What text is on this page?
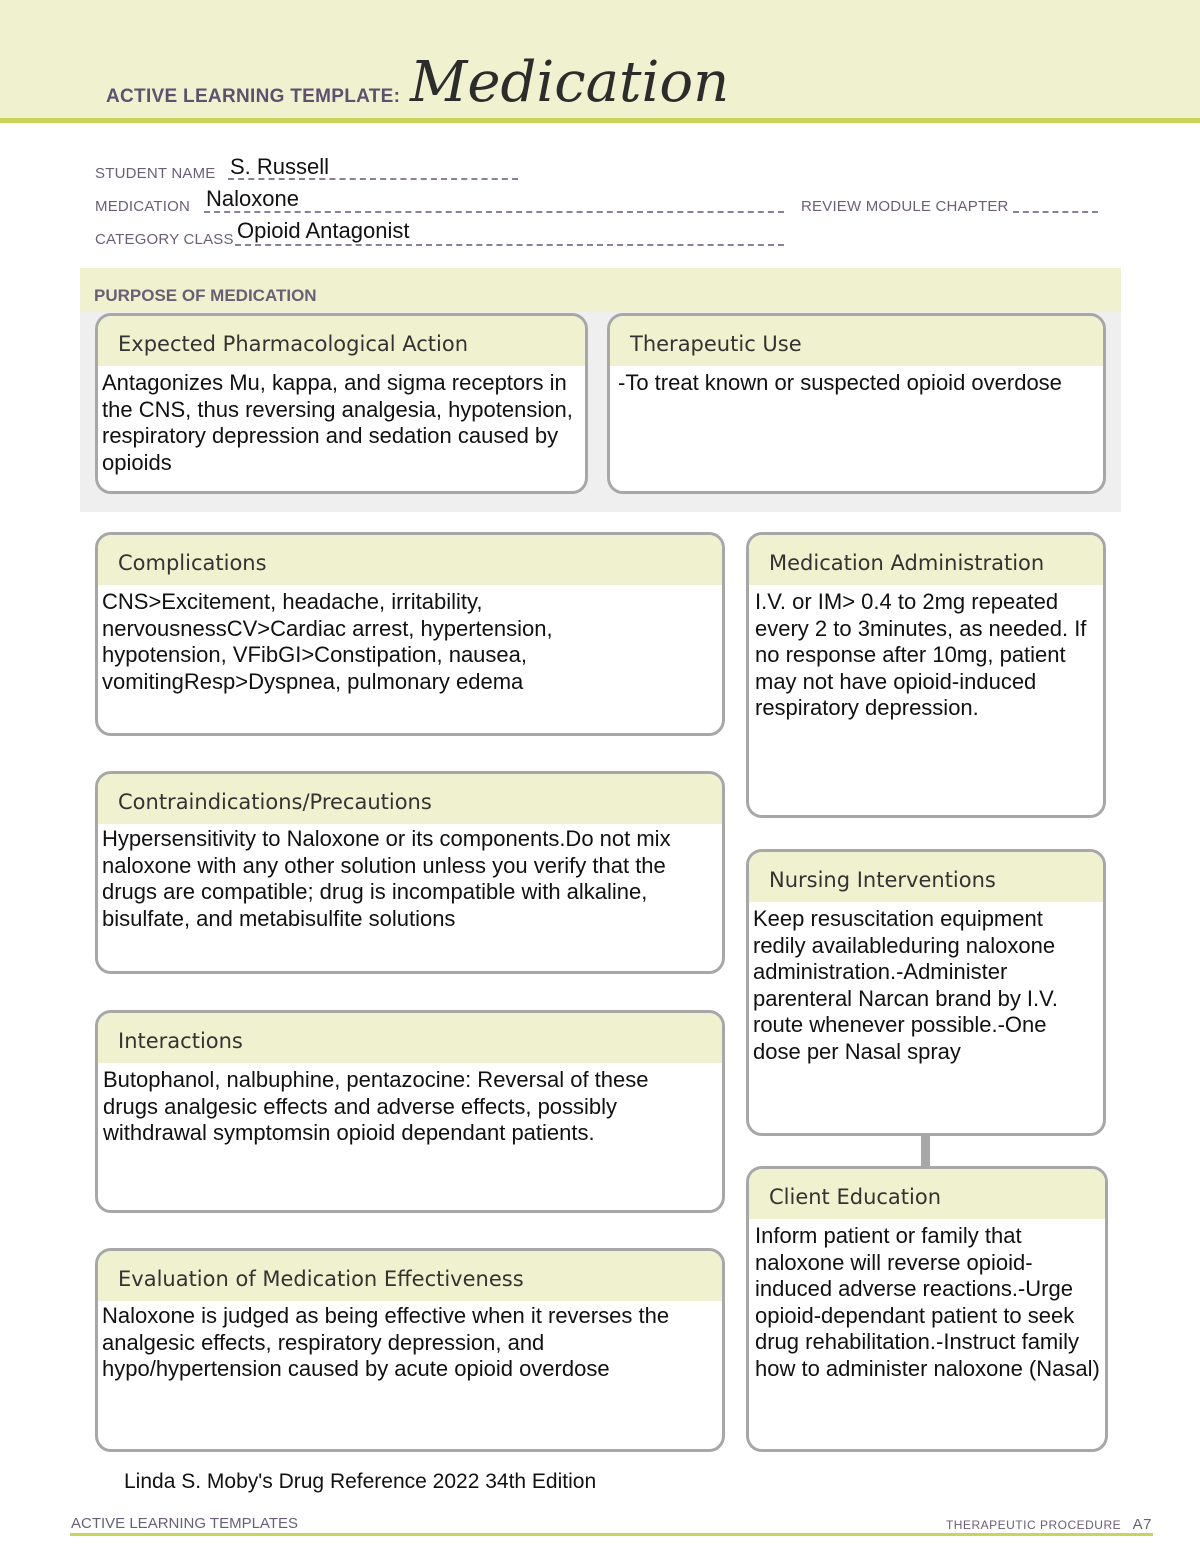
ACTIVE LEARNING TEMPLATE: Medication
STUDENT NAME S. Russell
MEDICATION Naloxone	REVIEW MODULE CHAPTER
CATEGORY CLASS Opioid Antagonist
PURPOSE OF MEDICATION
Expected Pharmacological Action
Antagonizes Mu, kappa, and sigma receptors in the CNS, thus reversing analgesia, hypotension, respiratory depression and sedation caused by opioids
Therapeutic Use
-To treat known or suspected opioid overdose
Complications
CNS>Excitement, headache, irritability, nervousnessCV>Cardiac arrest, hypertension, hypotension, VFibGI>Constipation, nausea, vomitingResp>Dyspnea, pulmonary edema
Medication Administration
I.V. or IM> 0.4 to 2mg repeated every 2 to 3minutes, as needed. If no response after 10mg, patient may not have opioid-induced respiratory depression.
Contraindications/Precautions
Hypersensitivity to Naloxone or its components.Do not mix naloxone with any other solution unless you verify that the drugs are compatible; drug is incompatible with alkaline, bisulfate, and metabisulfite solutions
Nursing Interventions
Keep resuscitation equipment redily availableduring naloxone administration.-Administer parenteral Narcan brand by I.V. route whenever possible.-One dose per Nasal spray
Interactions
Butophanol, nalbuphine, pentazocine: Reversal of these drugs analgesic effects and adverse effects, possibly withdrawal symptomsin opioid dependant patients.
Client Education
Inform patient or family that naloxone will reverse opioid-induced adverse reactions.-Urge opioid-dependant patient to seek drug rehabilitation.-Instruct family how to administer naloxone (Nasal)
Evaluation of Medication Effectiveness
Naloxone is judged as being effective when it reverses the analgesic effects, respiratory depression, and hypo/hypertension caused by acute opioid overdose
Linda S. Moby's Drug Reference 2022 34th Edition
ACTIVE LEARNING TEMPLATES	THERAPEUTIC PROCEDURE A7
